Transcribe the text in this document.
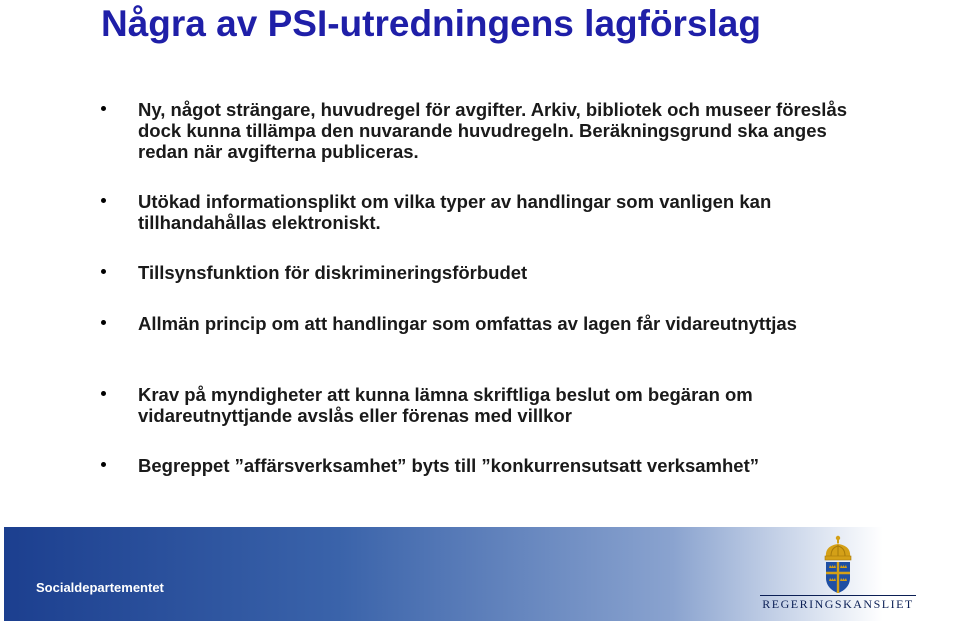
Några av PSI-utredningens lagförslag
Ny, något strängare, huvudregel för avgifter. Arkiv, bibliotek och museer föreslås dock kunna tillämpa den nuvarande huvudregeln. Beräkningsgrund ska anges redan när avgifterna publiceras.
Utökad informationsplikt om vilka typer av handlingar som vanligen kan tillhandahållas elektroniskt.
Tillsynsfunktion för diskrimineringsförbudet
Allmän princip om att handlingar som omfattas av lagen får vidareutnyttjas
Krav på myndigheter att kunna lämna skriftliga beslut om begäran om vidareutnyttjande avslås eller förenas med villkor
Begreppet ”affärsverksamhet” byts till ”konkurrensutsatt verksamhet”
Socialdepartementet
REGERINGSKANSLIET
